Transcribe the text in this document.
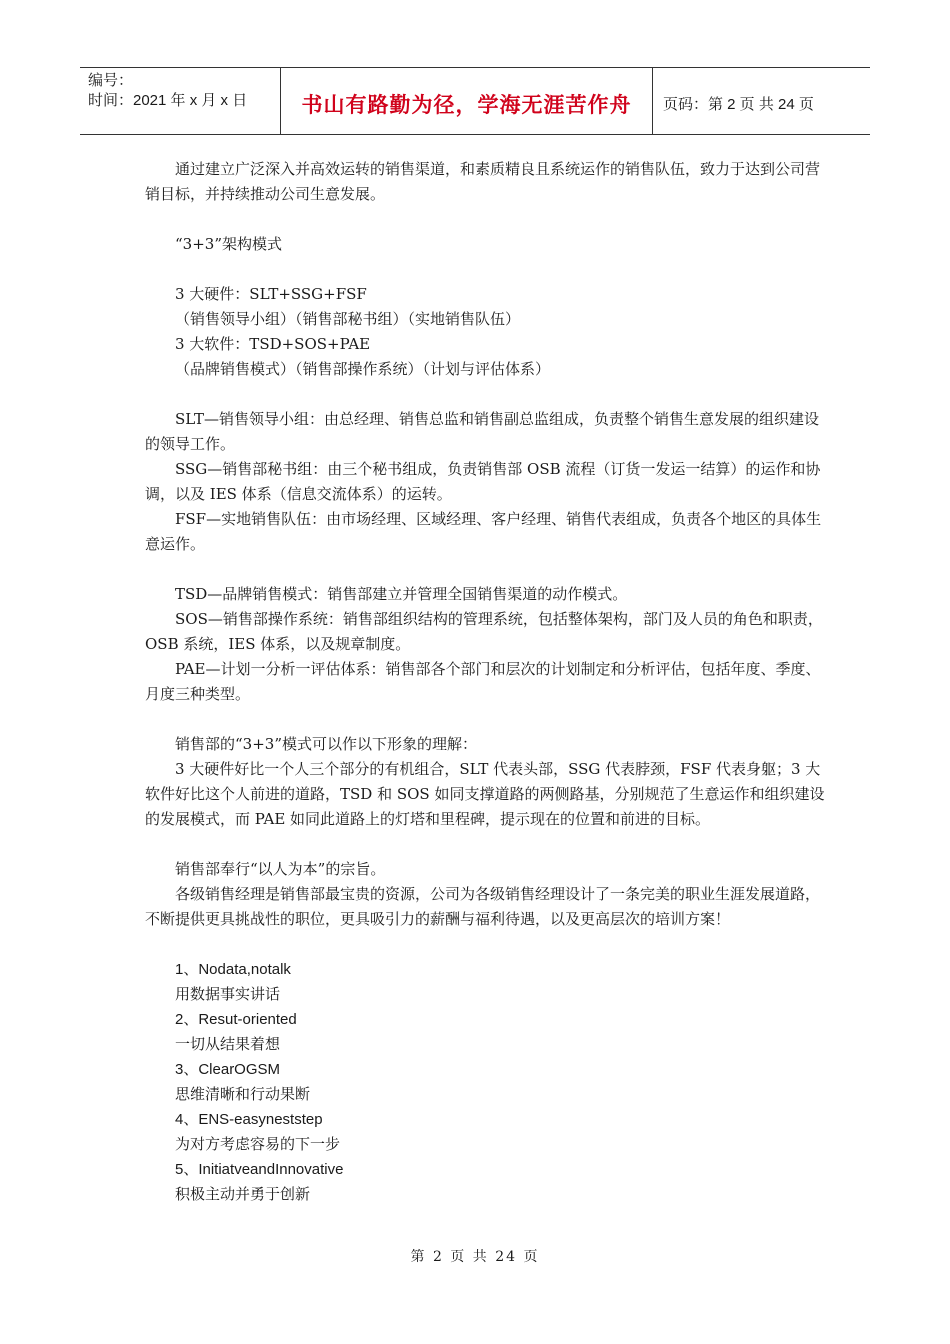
编号：
时间：2021 年 x 月 x 日	书山有路勤为径，学海无涯苦作舟	页码：第 2 页 共 24 页

通过建立广泛深入并高效运转的销售渠道，和素质精良且系统运作的销售队伍，致力于达到公司营销目标，并持续推动公司生意发展。

“3+3”架构模式

3 大硬件：SLT+SSG+FSF

（销售领导小组）（销售部秘书组）（实地销售队伍）

3 大软件：TSD+SOS+PAE

（品牌销售模式）（销售部操作系统）（计划与评估体系）

SLT—销售领导小组：由总经理、销售总监和销售副总监组成，负责整个销售生意发展的组织建设的领导工作。

SSG—销售部秘书组：由三个秘书组成，负责销售部 OSB 流程（订货一发运一结算）的运作和协调，以及 IES 体系（信息交流体系）的运转。

FSF—实地销售队伍：由市场经理、区域经理、客户经理、销售代表组成，负责各个地区的具体生意运作。

TSD—品牌销售模式：销售部建立并管理全国销售渠道的动作模式。

SOS—销售部操作系统：销售部组织结构的管理系统，包括整体架构，部门及人员的角色和职责，OSB 系统，IES 体系，以及规章制度。

PAE—计划一分析一评估体系：销售部各个部门和层次的计划制定和分析评估，包括年度、季度、月度三种类型。

销售部的“3+3”模式可以作以下形象的理解：

3 大硬件好比一个人三个部分的有机组合，SLT 代表头部，SSG 代表脖颈，FSF 代表身躯；3 大软件好比这个人前进的道路，TSD 和 SOS 如同支撑道路的两侧路基，分别规范了生意运作和组织建设的发展模式，而 PAE 如同此道路上的灯塔和里程碑，提示现在的位置和前进的目标。

销售部奉行“以人为本”的宗旨。

各级销售经理是销售部最宝贵的资源，公司为各级销售经理设计了一条完美的职业生涯发展道路，不断提供更具挑战性的职位，更具吸引力的薪酬与福利待遇，以及更高层次的培训方案！

1、Nodata,notalk

用数据事实讲话

2、Resut-oriented

一切从结果着想

3、ClearOGSM

思维清晰和行动果断

4、ENS-easyneststep

为对方考虑容易的下一步

5、InitiatveandInnovative

积极主动并勇于创新

第 2 页 共 24 页
